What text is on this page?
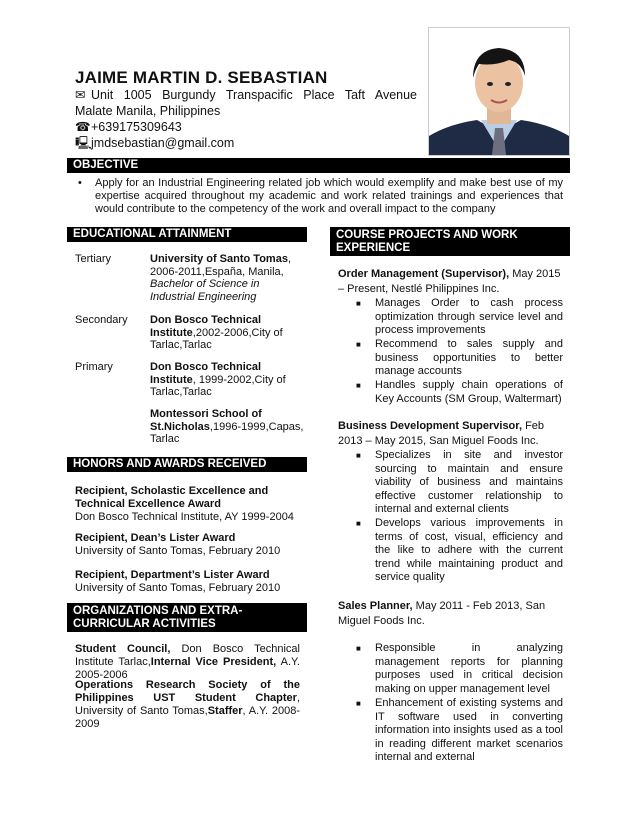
JAIME MARTIN D. SEBASTIAN
✉ Unit 1005 Burgundy Transpacific Place Taft Avenue
Malate Manila, Philippines
☎+639175309643
🖳jmdsebastian@gmail.com
OBJECTIVE
• Apply for an Industrial Engineering related job which would exemplify and make best use of my expertise acquired throughout my academic and work related trainings and experiences that would contribute to the competency of the work and overall impact to the company
EDUCATIONAL ATTAINMENT
Tertiary	University of Santo Tomas, 2006-2011,España, Manila, Bachelor of Science in Industrial Engineering
Secondary Don Bosco Technical Institute,2002-2006,City of Tarlac,Tarlac
Primary	Don Bosco Technical Institute, 1999-2002,City of Tarlac,Tarlac
Montessori School of St.Nicholas,1996-1999,Capas, Tarlac
HONORS AND AWARDS RECEIVED
Recipient, Scholastic Excellence and Technical Excellence Award
Don Bosco Technical Institute, AY 1999-2004
Recipient, Dean’s Lister Award
University of Santo Tomas, February 2010
Recipient, Department’s Lister Award
University of Santo Tomas, February 2010
ORGANIZATIONS AND EXTRA-CURRICULAR ACTIVITIES
Student Council, Don Bosco Technical Institute Tarlac,Internal Vice President, A.Y. 2005-2006
Operations Research Society of the Philippines UST Student Chapter, University of Santo Tomas,Staffer, A.Y. 2008-2009
COURSE PROJECTS AND WORK EXPERIENCE
Order Management (Supervisor), May 2015 – Present, Nestlé Philippines Inc.
■ Manages Order to cash process optimization through service level and process improvements
■ Recommend to sales supply and business opportunities to better manage accounts
■ Handles supply chain operations of Key Accounts (SM Group, Waltermart)
Business Development Supervisor, Feb 2013 – May 2015, San Miguel Foods Inc.
■ Specializes in site and investor sourcing to maintain and ensure viability of business and maintains effective customer relationship to internal and external clients
■ Develops various improvements in terms of cost, visual, efficiency and the like to adhere with the current trend while maintaining product and service quality
Sales Planner, May 2011 - Feb 2013, San Miguel Foods Inc.
■ Responsible in analyzing management reports for planning purposes used in critical decision making on upper management level
■ Enhancement of existing systems and IT software used in converting information into insights used as a tool in reading different market scenarios internal and external
